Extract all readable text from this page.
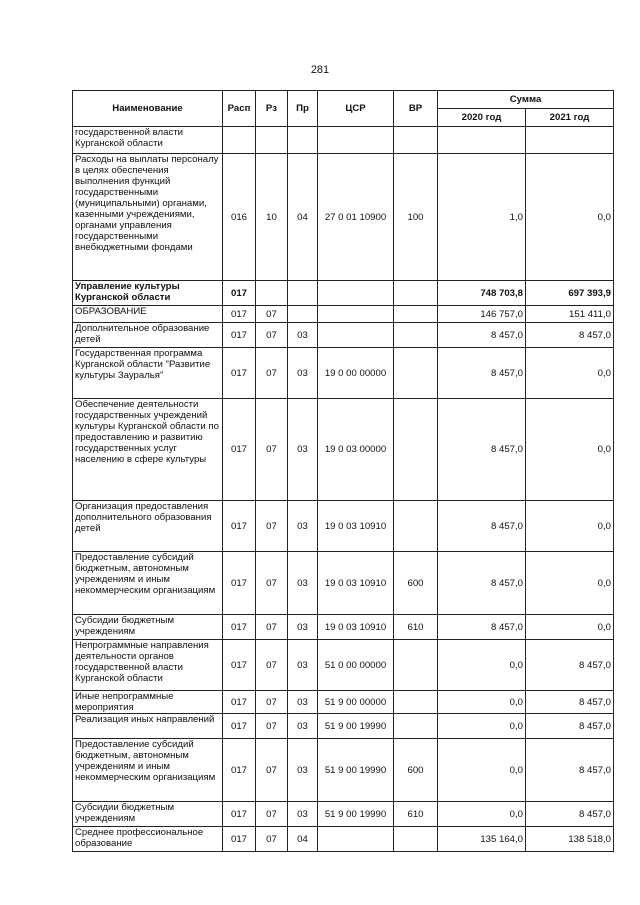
281
Наименование	Расп	Рз	Пр	ЦСР	ВР	Сумма	
						2020 год	2021 год
государственной власти Курганской области							
Расходы на выплаты персоналу в целях обеспечения выполнения функций государственными (муниципальными) органами, казенными учреждениями, органами управления государственными внебюджетными фондами	016	10	04	27 0 01 10900	100	1,0	0,0
Управление культуры Курганской области	017					748 703,8	697 393,9
ОБРАЗОВАНИЕ	017	07				146 757,0	151 411,0
Дополнительное образование детей	017	07	03			8 457,0	8 457,0
Государственная программа Курганской области "Развитие культуры Зауралья"	017	07	03	19 0 00 00000		8 457,0	0,0
Обеспечение деятельности государственных учреждений культуры Курганской области по предоставлению и развитию государственных услуг населению в сфере культуры	017	07	03	19 0 03 00000		8 457,0	0,0
Организация предоставления дополнительного образования детей	017	07	03	19 0 03 10910		8 457,0	0,0
Предоставление субсидий бюджетным, автономным учреждениям и иным некоммерческим организациям	017	07	03	19 0 03 10910	600	8 457,0	0,0
Субсидии бюджетным учреждениям	017	07	03	19 0 03 10910	610	8 457,0	0,0
Непрограммные направления деятельности органов государственной власти Курганской области	017	07	03	51 0 00 00000		0,0	8 457,0
Иные непрограммные мероприятия	017	07	03	51 9 00 00000		0,0	8 457,0
Реализация иных направлений	017	07	03	51 9 00 19990		0,0	8 457,0
Предоставление субсидий бюджетным, автономным учреждениям и иным некоммерческим организациям	017	07	03	51 9 00 19990	600	0,0	8 457,0
Субсидии бюджетным учреждениям	017	07	03	51 9 00 19990	610	0,0	8 457,0
Среднее профессиональное образование	017	07	04			135 164,0	138 518,0
